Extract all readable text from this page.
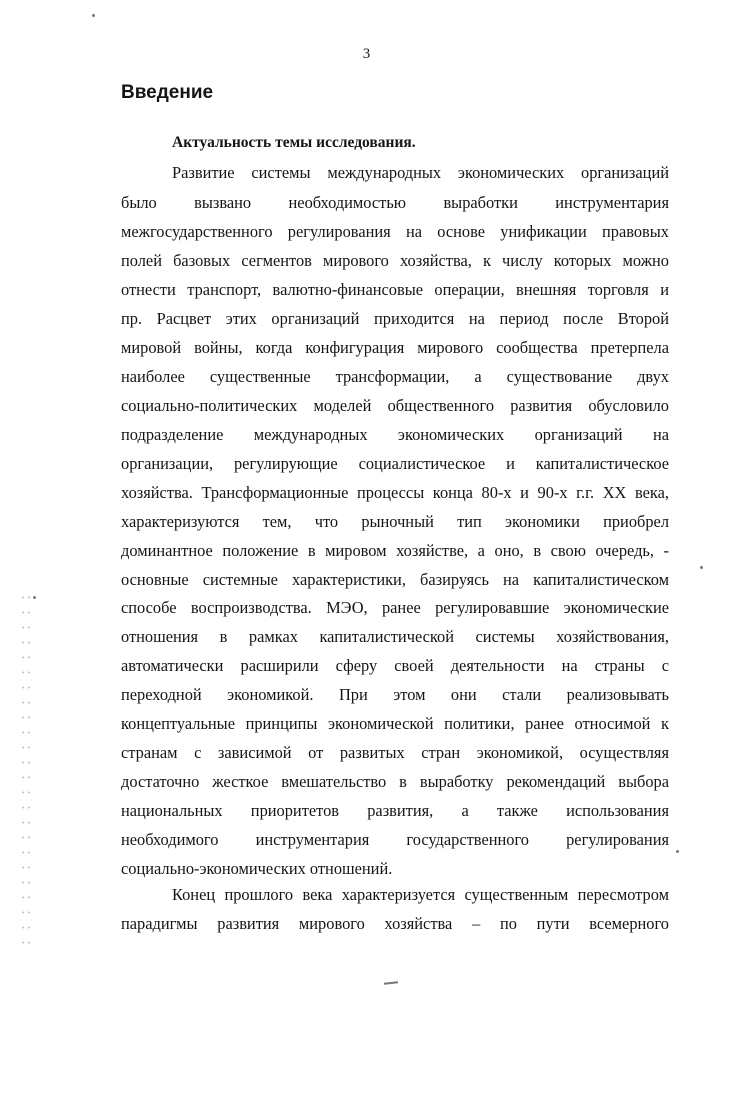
3
Введение
Актуальность темы исследования.
Развитие системы международных экономических организаций
было вызвано необходимостью выработки инструментария
межгосударственного регулирования на основе унификации правовых
полей базовых сегментов мирового хозяйства, к числу которых можно
отнести транспорт, валютно-финансовые операции, внешняя торговля и
пр. Расцвет этих организаций приходится на период после Второй
мировой войны, когда конфигурация мирового сообщества претерпела
наиболее существенные трансформации, а существование двух
социально-политических моделей общественного развития обусловило
подразделение международных экономических организаций на
организации, регулирующие социалистическое и капиталистическое
хозяйства. Трансформационные процессы конца 80-х и 90-х г.г. XX века,
характеризуются тем, что рыночный тип экономики приобрел
доминантное положение в мировом хозяйстве, а оно, в свою очередь, -
основные системные характеристики, базируясь на капиталистическом
способе воспроизводства. МЭО, ранее регулировавшие экономические
отношения в рамках капиталистической системы хозяйствования,
автоматически расширили сферу своей деятельности на страны с
переходной экономикой. При этом они стали реализовывать
концептуальные принципы экономической политики, ранее относимой к
странам с зависимой от развитых стран экономикой, осуществляя
достаточно жесткое вмешательство в выработку рекомендаций выбора
национальных приоритетов развития, а также использования
необходимого инструментария государственного регулирования
социально-экономических отношений.
Конец прошлого века характеризуется существенным пересмотром
парадигмы развития мирового хозяйства – по пути всемерного
